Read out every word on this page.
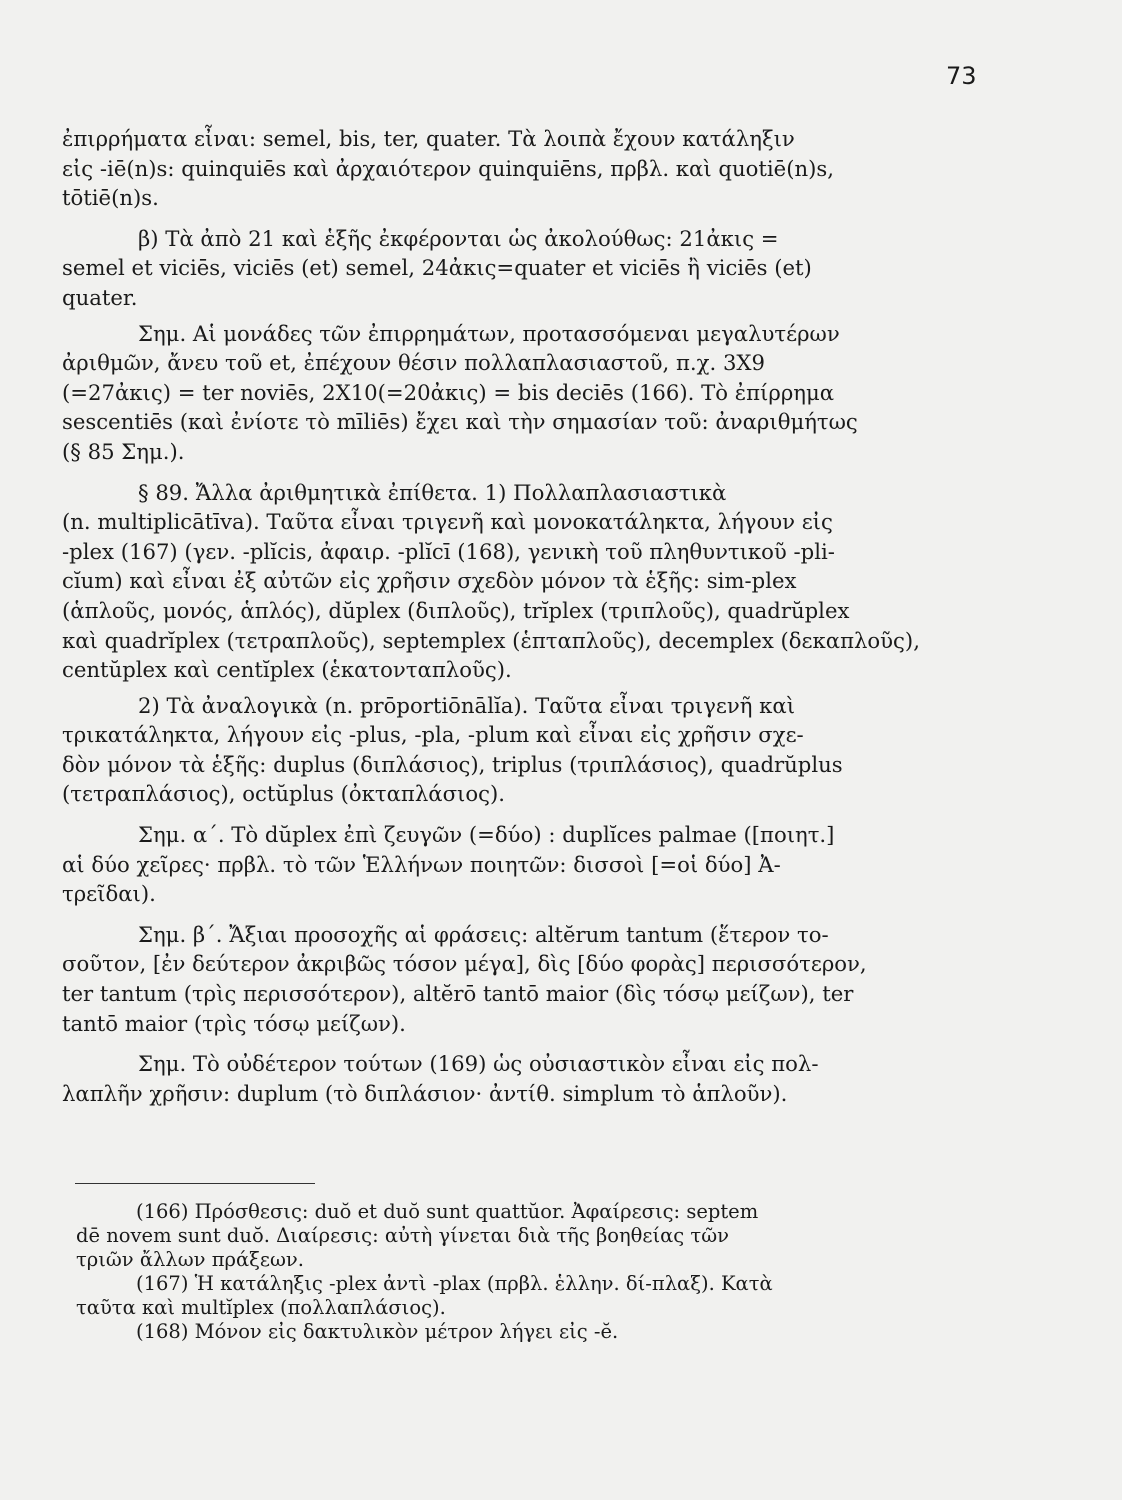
73
ἐπιρρήματα εἶναι: semel, bis, ter, quater. Τὰ λοιπὰ ἔχουν κατάληξιν
εἰς -iē(n)s: quinquiēs καὶ ἀρχαιότερον quinquiēns, πρβλ. καὶ quotiē(n)s,
tōtiē(n)s.
β) Τὰ ἀπὸ 21 καὶ ἑξῆς ἐκφέρονται ὡς ἀκολούθως: 21ἀκις =
semel et viciēs, viciēs (et) semel, 24ἀκις=quater et viciēs ἢ viciēs (et)
quater.
Σημ. Αἱ μονάδες τῶν ἐπιρρημάτων, προτασσόμεναι μεγαλυτέρων
ἀριθμῶν, ἄνευ τοῦ et, ἐπέχουν θέσιν πολλαπλασιαστοῦ, π.χ. 3X9
(=27ἀκις) = ter noviēs, 2X10(=20ἀκις) = bis deciēs (166). Τὸ ἐπίρρημα
sescentiēs (καὶ ἐνίοτε τὸ mīliēs) ἔχει καὶ τὴν σημασίαν τοῦ: ἀναριθμήτως
(§ 85 Σημ.).
§ 89. Ἄλλα ἀριθμητικὰ ἐπίθετα. 1) Πολλαπλασιαστικὰ
(n. multiplicātīva). Ταῦτα εἶναι τριγενῆ καὶ μονοκατάληκτα, λήγουν εἰς
-plex (167) (γεν. -plĭcis, ἀφαιρ. -plĭcī (168), γενικὴ τοῦ πληθυντικοῦ -pli-
cĭum) καὶ εἶναι ἐξ αὐτῶν εἰς χρῆσιν σχεδὸν μόνον τὰ ἑξῆς: sim-plex
(ἁπλοῦς, μονός, ἁπλός), dŭplex (διπλοῦς), trĭplex (τριπλοῦς), quadrŭplex
καὶ quadrĭplex (τετραπλοῦς), septemplex (ἑπταπλοῦς), decemplex (δεκαπλοῦς),
centŭplex καὶ centĭplex (ἑκατονταπλοῦς).
2) Τὰ ἀναλογικὰ (n. prōportiōnālĭa). Ταῦτα εἶναι τριγενῆ καὶ
τρικατάληκτα, λήγουν εἰς -plus, -pla, -plum καὶ εἶναι εἰς χρῆσιν σχε-
δὸν μόνον τὰ ἑξῆς: duplus (διπλάσιος), triplus (τριπλάσιος), quadrŭplus
(τετραπλάσιος), octŭplus (ὀκταπλάσιος).
Σημ. α΄. Τὸ dŭplex ἐπὶ ζευγῶν (=δύο) : duplĭces palmae ([ποιητ.]
αἱ δύο χεῖρες· πρβλ. τὸ τῶν Ἑλλήνων ποιητῶν: δισσοὶ [=οἱ δύο] Ἀ-
τρεῖδαι).
Σημ. β΄. Ἄξιαι προσοχῆς αἱ φράσεις: altĕrum tantum (ἕτερον το-
σοῦτον, [ἐν δεύτερον ἀκριβῶς τόσον μέγα], δὶς [δύο φορὰς] περισσότερον,
ter tantum (τρὶς περισσότερον), altĕrō tantō maior (δὶς τόσῳ μείζων), ter
tantō maior (τρὶς τόσῳ μείζων).
Σημ. Τὸ οὐδέτερον τούτων (169) ὡς οὐσιαστικὸν εἶναι εἰς πολ-
λαπλῆν χρῆσιν: duplum (τὸ διπλάσιον· ἀντίθ. simplum τὸ ἁπλοῦν).
(166) Πρόσθεσις: duŏ et duŏ sunt quattŭor. Ἀφαίρεσις: septem
dē novem sunt duŏ. Διαίρεσις: αὐτὴ γίνεται διὰ τῆς βοηθείας τῶν
τριῶν ἄλλων πράξεων.
(167) Ἡ κατάληξις -plex ἀντὶ -plax (πρβλ. ἑλλην. δί-πλαξ). Κατὰ
ταῦτα καὶ multĭplex (πολλαπλάσιος).
(168) Μόνον εἰς δακτυλικὸν μέτρον λήγει εἰς -ĕ.
